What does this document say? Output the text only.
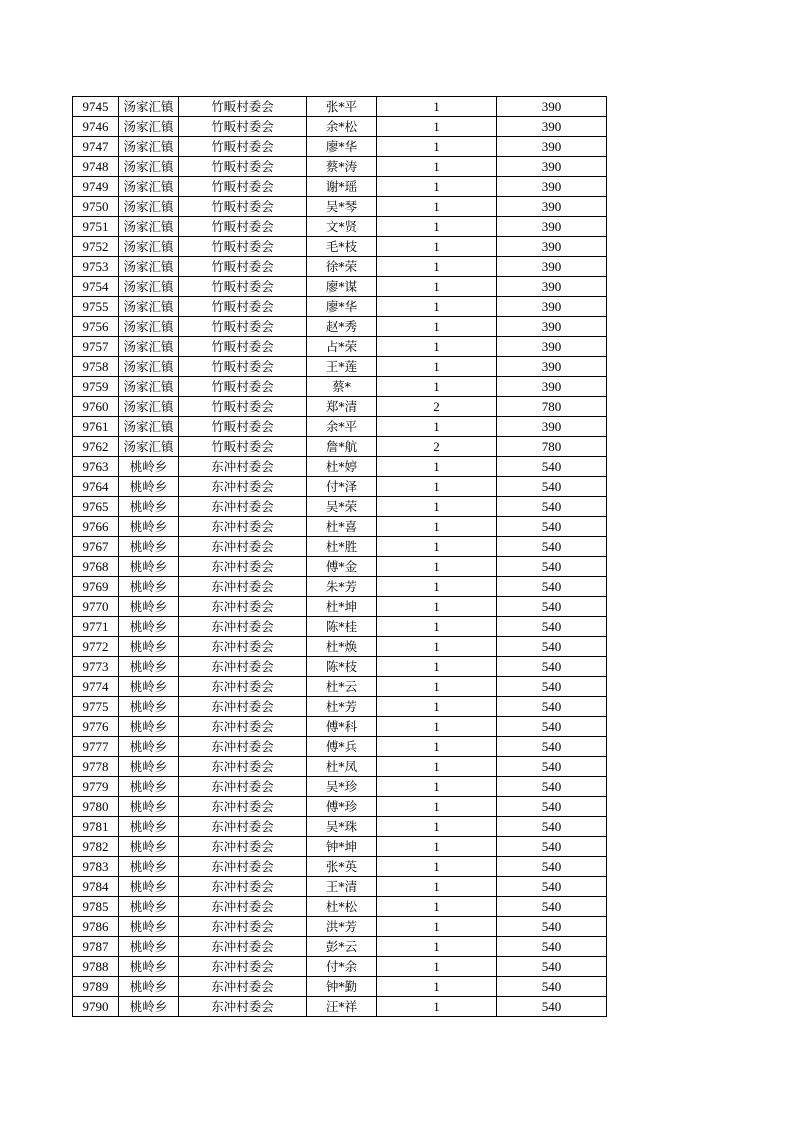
9745	汤家汇镇	竹畈村委会	张*平	1	390
9746	汤家汇镇	竹畈村委会	余*松	1	390
9747	汤家汇镇	竹畈村委会	廖*华	1	390
9748	汤家汇镇	竹畈村委会	蔡*涛	1	390
9749	汤家汇镇	竹畈村委会	谢*瑶	1	390
9750	汤家汇镇	竹畈村委会	吴*琴	1	390
9751	汤家汇镇	竹畈村委会	文*贤	1	390
9752	汤家汇镇	竹畈村委会	毛*枝	1	390
9753	汤家汇镇	竹畈村委会	徐*荣	1	390
9754	汤家汇镇	竹畈村委会	廖*谋	1	390
9755	汤家汇镇	竹畈村委会	廖*华	1	390
9756	汤家汇镇	竹畈村委会	赵*秀	1	390
9757	汤家汇镇	竹畈村委会	占*荣	1	390
9758	汤家汇镇	竹畈村委会	王*莲	1	390
9759	汤家汇镇	竹畈村委会	蔡*	1	390
9760	汤家汇镇	竹畈村委会	郑*清	2	780
9761	汤家汇镇	竹畈村委会	余*平	1	390
9762	汤家汇镇	竹畈村委会	詹*航	2	780
9763	桃岭乡	东冲村委会	杜*婷	1	540
9764	桃岭乡	东冲村委会	付*泽	1	540
9765	桃岭乡	东冲村委会	吴*荣	1	540
9766	桃岭乡	东冲村委会	杜*喜	1	540
9767	桃岭乡	东冲村委会	杜*胜	1	540
9768	桃岭乡	东冲村委会	傅*金	1	540
9769	桃岭乡	东冲村委会	朱*芳	1	540
9770	桃岭乡	东冲村委会	杜*坤	1	540
9771	桃岭乡	东冲村委会	陈*桂	1	540
9772	桃岭乡	东冲村委会	杜*焕	1	540
9773	桃岭乡	东冲村委会	陈*枝	1	540
9774	桃岭乡	东冲村委会	杜*云	1	540
9775	桃岭乡	东冲村委会	杜*芳	1	540
9776	桃岭乡	东冲村委会	傅*科	1	540
9777	桃岭乡	东冲村委会	傅*兵	1	540
9778	桃岭乡	东冲村委会	杜*凤	1	540
9779	桃岭乡	东冲村委会	吴*珍	1	540
9780	桃岭乡	东冲村委会	傅*珍	1	540
9781	桃岭乡	东冲村委会	吴*珠	1	540
9782	桃岭乡	东冲村委会	钟*坤	1	540
9783	桃岭乡	东冲村委会	张*英	1	540
9784	桃岭乡	东冲村委会	王*清	1	540
9785	桃岭乡	东冲村委会	杜*松	1	540
9786	桃岭乡	东冲村委会	洪*芳	1	540
9787	桃岭乡	东冲村委会	彭*云	1	540
9788	桃岭乡	东冲村委会	付*余	1	540
9789	桃岭乡	东冲村委会	钟*勤	1	540
9790	桃岭乡	东冲村委会	汪*祥	1	540
